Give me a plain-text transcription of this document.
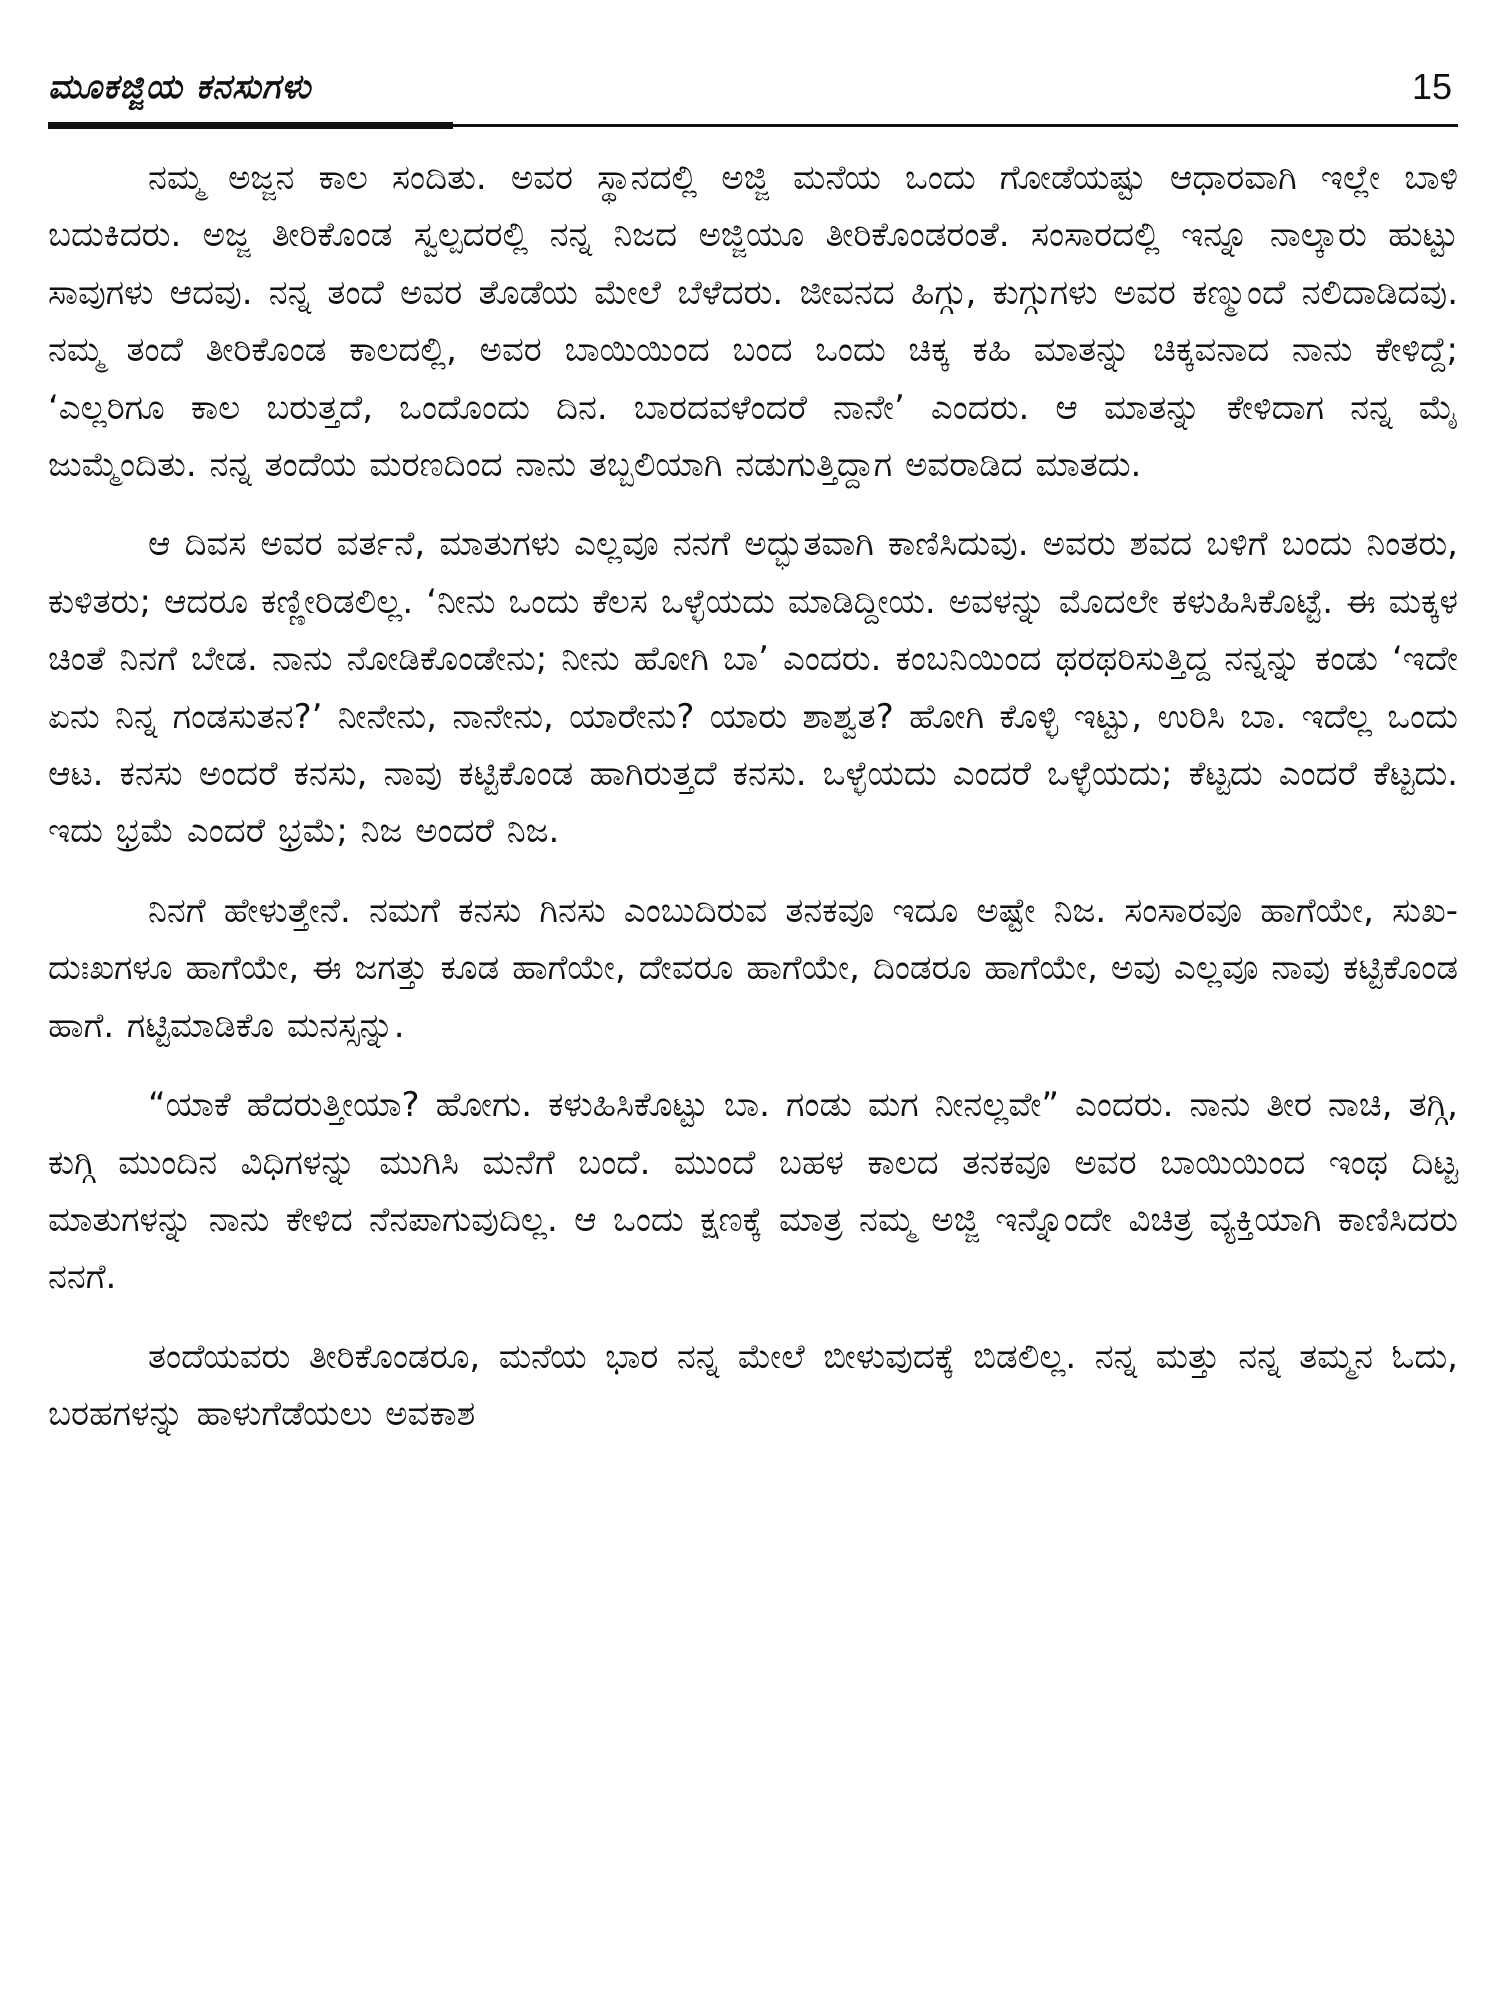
ಮೂಕಜ್ಜಿಯ ಕನಸುಗಳು	15

ನಮ್ಮ ಅಜ್ಜನ ಕಾಲ ಸಂದಿತು. ಅವರ ಸ್ಥಾನದಲ್ಲಿ ಅಜ್ಜಿ ಮನೆಯ ಒಂದು ಗೋಡೆಯಷ್ಟು ಆಧಾರವಾಗಿ ಇಲ್ಲೇ ಬಾಳಿ ಬದುಕಿದರು. ಅಜ್ಜ ತೀರಿಕೊಂಡ ಸ್ವಲ್ಪದರಲ್ಲಿ ನನ್ನ ನಿಜದ ಅಜ್ಜಿಯೂ ತೀರಿಕೊಂಡರಂತೆ. ಸಂಸಾರದಲ್ಲಿ ಇನ್ನೂ ನಾಲ್ಕಾರು ಹುಟ್ಟು ಸಾವುಗಳು ಆದವು. ನನ್ನ ತಂದೆ ಅವರ ತೊಡೆಯ ಮೇಲೆ ಬೆಳೆದರು. ಜೀವನದ ಹಿಗ್ಗು, ಕುಗ್ಗುಗಳು ಅವರ ಕಣ್ಮುಂದೆ ನಲಿದಾಡಿದವು. ನಮ್ಮ ತಂದೆ ತೀರಿಕೊಂಡ ಕಾಲದಲ್ಲಿ, ಅವರ ಬಾಯಿಯಿಂದ ಬಂದ ಒಂದು ಚಿಕ್ಕ ಕಹಿ ಮಾತನ್ನು ಚಿಕ್ಕವನಾದ ನಾನು ಕೇಳಿದ್ದೆ; ‘ಎಲ್ಲರಿಗೂ ಕಾಲ ಬರುತ್ತದೆ, ಒಂದೊಂದು ದಿನ. ಬಾರದವಳೆಂದರೆ ನಾನೇ’ ಎಂದರು. ಆ ಮಾತನ್ನು ಕೇಳಿದಾಗ ನನ್ನ ಮೈ ಜುಮ್ಮೆಂದಿತು. ನನ್ನ ತಂದೆಯ ಮರಣದಿಂದ ನಾನು ತಬ್ಬಲಿಯಾಗಿ ನಡುಗುತ್ತಿದ್ದಾಗ ಅವರಾಡಿದ ಮಾತದು.

ಆ ದಿವಸ ಅವರ ವರ್ತನೆ, ಮಾತುಗಳು ಎಲ್ಲವೂ ನನಗೆ ಅದ್ಭುತವಾಗಿ ಕಾಣಿಸಿದುವು. ಅವರು ಶವದ ಬಳಿಗೆ ಬಂದು ನಿಂತರು, ಕುಳಿತರು; ಆದರೂ ಕಣ್ಣೀರಿಡಲಿಲ್ಲ. ‘ನೀನು ಒಂದು ಕೆಲಸ ಒಳ್ಳೆಯದು ಮಾಡಿದ್ದೀಯ. ಅವಳನ್ನು ಮೊದಲೇ ಕಳುಹಿಸಿಕೊಟ್ಟೆ. ಈ ಮಕ್ಕಳ ಚಿಂತೆ ನಿನಗೆ ಬೇಡ. ನಾನು ನೋಡಿಕೊಂಡೇನು; ನೀನು ಹೋಗಿ ಬಾ’ ಎಂದರು. ಕಂಬನಿಯಿಂದ ಥರಥರಿಸುತ್ತಿದ್ದ ನನ್ನನ್ನು ಕಂಡು ‘ಇದೇ ಏನು ನಿನ್ನ ಗಂಡಸುತನ?’ ನೀನೇನು, ನಾನೇನು, ಯಾರೇನು? ಯಾರು ಶಾಶ್ವತ? ಹೋಗಿ ಕೊಳ್ಳಿ ಇಟ್ಟು, ಉರಿಸಿ ಬಾ. ಇದೆಲ್ಲ ಒಂದು ಆಟ. ಕನಸು ಅಂದರೆ ಕನಸು, ನಾವು ಕಟ್ಟಿಕೊಂಡ ಹಾಗಿರುತ್ತದೆ ಕನಸು. ಒಳ್ಳೆಯದು ಎಂದರೆ ಒಳ್ಳೆಯದು; ಕೆಟ್ಟದು ಎಂದರೆ ಕೆಟ್ಟದು. ಇದು ಭ್ರಮೆ ಎಂದರೆ ಭ್ರಮೆ; ನಿಜ ಅಂದರೆ ನಿಜ.

ನಿನಗೆ ಹೇಳುತ್ತೇನೆ. ನಮಗೆ ಕನಸು ಗಿನಸು ಎಂಬುದಿರುವ ತನಕವೂ ಇದೂ ಅಷ್ಟೇ ನಿಜ. ಸಂಸಾರವೂ ಹಾಗೆಯೇ, ಸುಖ-ದುಃಖಗಳೂ ಹಾಗೆಯೇ, ಈ ಜಗತ್ತು ಕೂಡ ಹಾಗೆಯೇ, ದೇವರೂ ಹಾಗೆಯೇ, ದಿಂಡರೂ ಹಾಗೆಯೇ, ಅವು ಎಲ್ಲವೂ ನಾವು ಕಟ್ಟಿಕೊಂಡ ಹಾಗೆ. ಗಟ್ಟಿಮಾಡಿಕೊ ಮನಸ್ಸನ್ನು.

“ಯಾಕೆ ಹೆದರುತ್ತೀಯಾ? ಹೋಗು. ಕಳುಹಿಸಿಕೊಟ್ಟು ಬಾ. ಗಂಡು ಮಗ ನೀನಲ್ಲವೇ” ಎಂದರು. ನಾನು ತೀರ ನಾಚಿ, ತಗ್ಗಿ, ಕುಗ್ಗಿ ಮುಂದಿನ ವಿಧಿಗಳನ್ನು ಮುಗಿಸಿ ಮನೆಗೆ ಬಂದೆ. ಮುಂದೆ ಬಹಳ ಕಾಲದ ತನಕವೂ ಅವರ ಬಾಯಿಯಿಂದ ಇಂಥ ದಿಟ್ಟ ಮಾತುಗಳನ್ನು ನಾನು ಕೇಳಿದ ನೆನಪಾಗುವುದಿಲ್ಲ. ಆ ಒಂದು ಕ್ಷಣಕ್ಕೆ ಮಾತ್ರ ನಮ್ಮ ಅಜ್ಜಿ ಇನ್ನೊಂದೇ ವಿಚಿತ್ರ ವ್ಯಕ್ತಿಯಾಗಿ ಕಾಣಿಸಿದರು ನನಗೆ.

ತಂದೆಯವರು ತೀರಿಕೊಂಡರೂ, ಮನೆಯ ಭಾರ ನನ್ನ ಮೇಲೆ ಬೀಳುವುದಕ್ಕೆ ಬಿಡಲಿಲ್ಲ. ನನ್ನ ಮತ್ತು ನನ್ನ ತಮ್ಮನ ಓದು, ಬರಹಗಳನ್ನು ಹಾಳುಗೆಡೆಯಲು ಅವಕಾಶ
